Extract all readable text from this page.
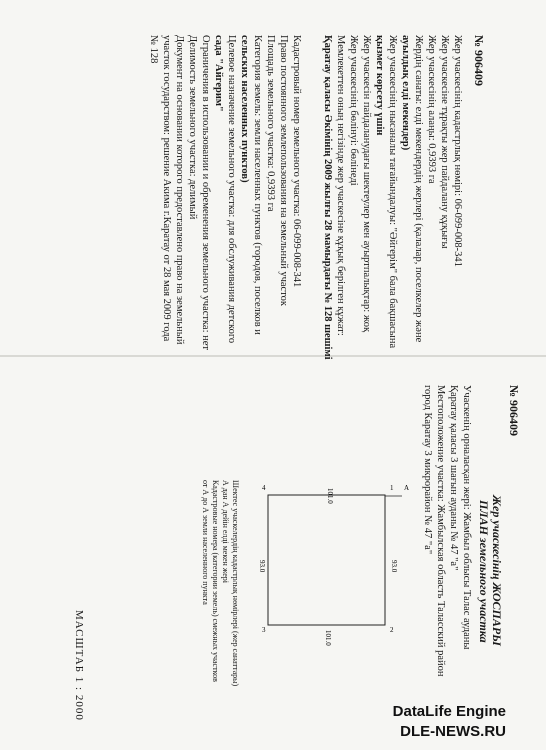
№ 906409
Жер учаскесінің кадастрлық нөмірі: 06-099-008-341
Жер учаскесіне тұрақты жер пайдалану құқығы
Жер учаскесінің алаңы: 0,9393 га
Жердің санаты: елді мекендердің жерлері (қалалар, поселкелер және
ауылдық елді мекендер)
Жер учаскесінің нысаналы тағайындалуы: "Әйгерім" бала бақшасына
қызмет көрсету үшін
Жер учаскесін пайдаланудағы шектеулер мен ауыртпалықтар: жоқ
Жер учаскесінің бөлінуі: бөлінеді
Мемлекеттен оның негізінде жер учаскесіне құқық берілген құжат:
Қаратау қаласы Әкімінің 2009 жылғы 28 мамырдағы № 128 шешімі
Кадастровый номер земельного участка: 06-099-008-341
Право постоянного землепользования на земельный участок
Площадь земельного участка: 0,9393 га
Категория земель: земли населенных пунктов (городов, поселков и
сельских населенных пунктов)
Целевое назначение земельного участка: для обслуживания детского
сада "Айгерим"
Ограничения в использовании и обременения земельного участка: нет
Делимость земельного участка: делимый
Документ на основании которого предоставлено право на земельный
участок государством: решение Акима г.Каратау от 28 мая 2009 года
№ 128
№ 906409
Жер учаскесінің ЖОСПАРЫ
ПЛАН земельного участка
Учаскенің орналасқан жері: Жамбыл облысы Талас ауданы
Қаратау қаласы 3 шағын ауданы № 47 "а"
Местоположение участка: Жамбылская область Таласский район
город Каратау 3 микрорайон № 47 "а"
93.0
101.0
93.0
101.0	1
2
3
4	А
Шектес учаскелердің кадастрлық нөмірлері (жер санаттары)
А дан А дейін елді мекен жері
Кадастровые номера (категории земель) смежных участков
от А до А земли населенного пункта
МАСШТАБ 1 : 2000	DataLife Engine
DLE-NEWS.RU
